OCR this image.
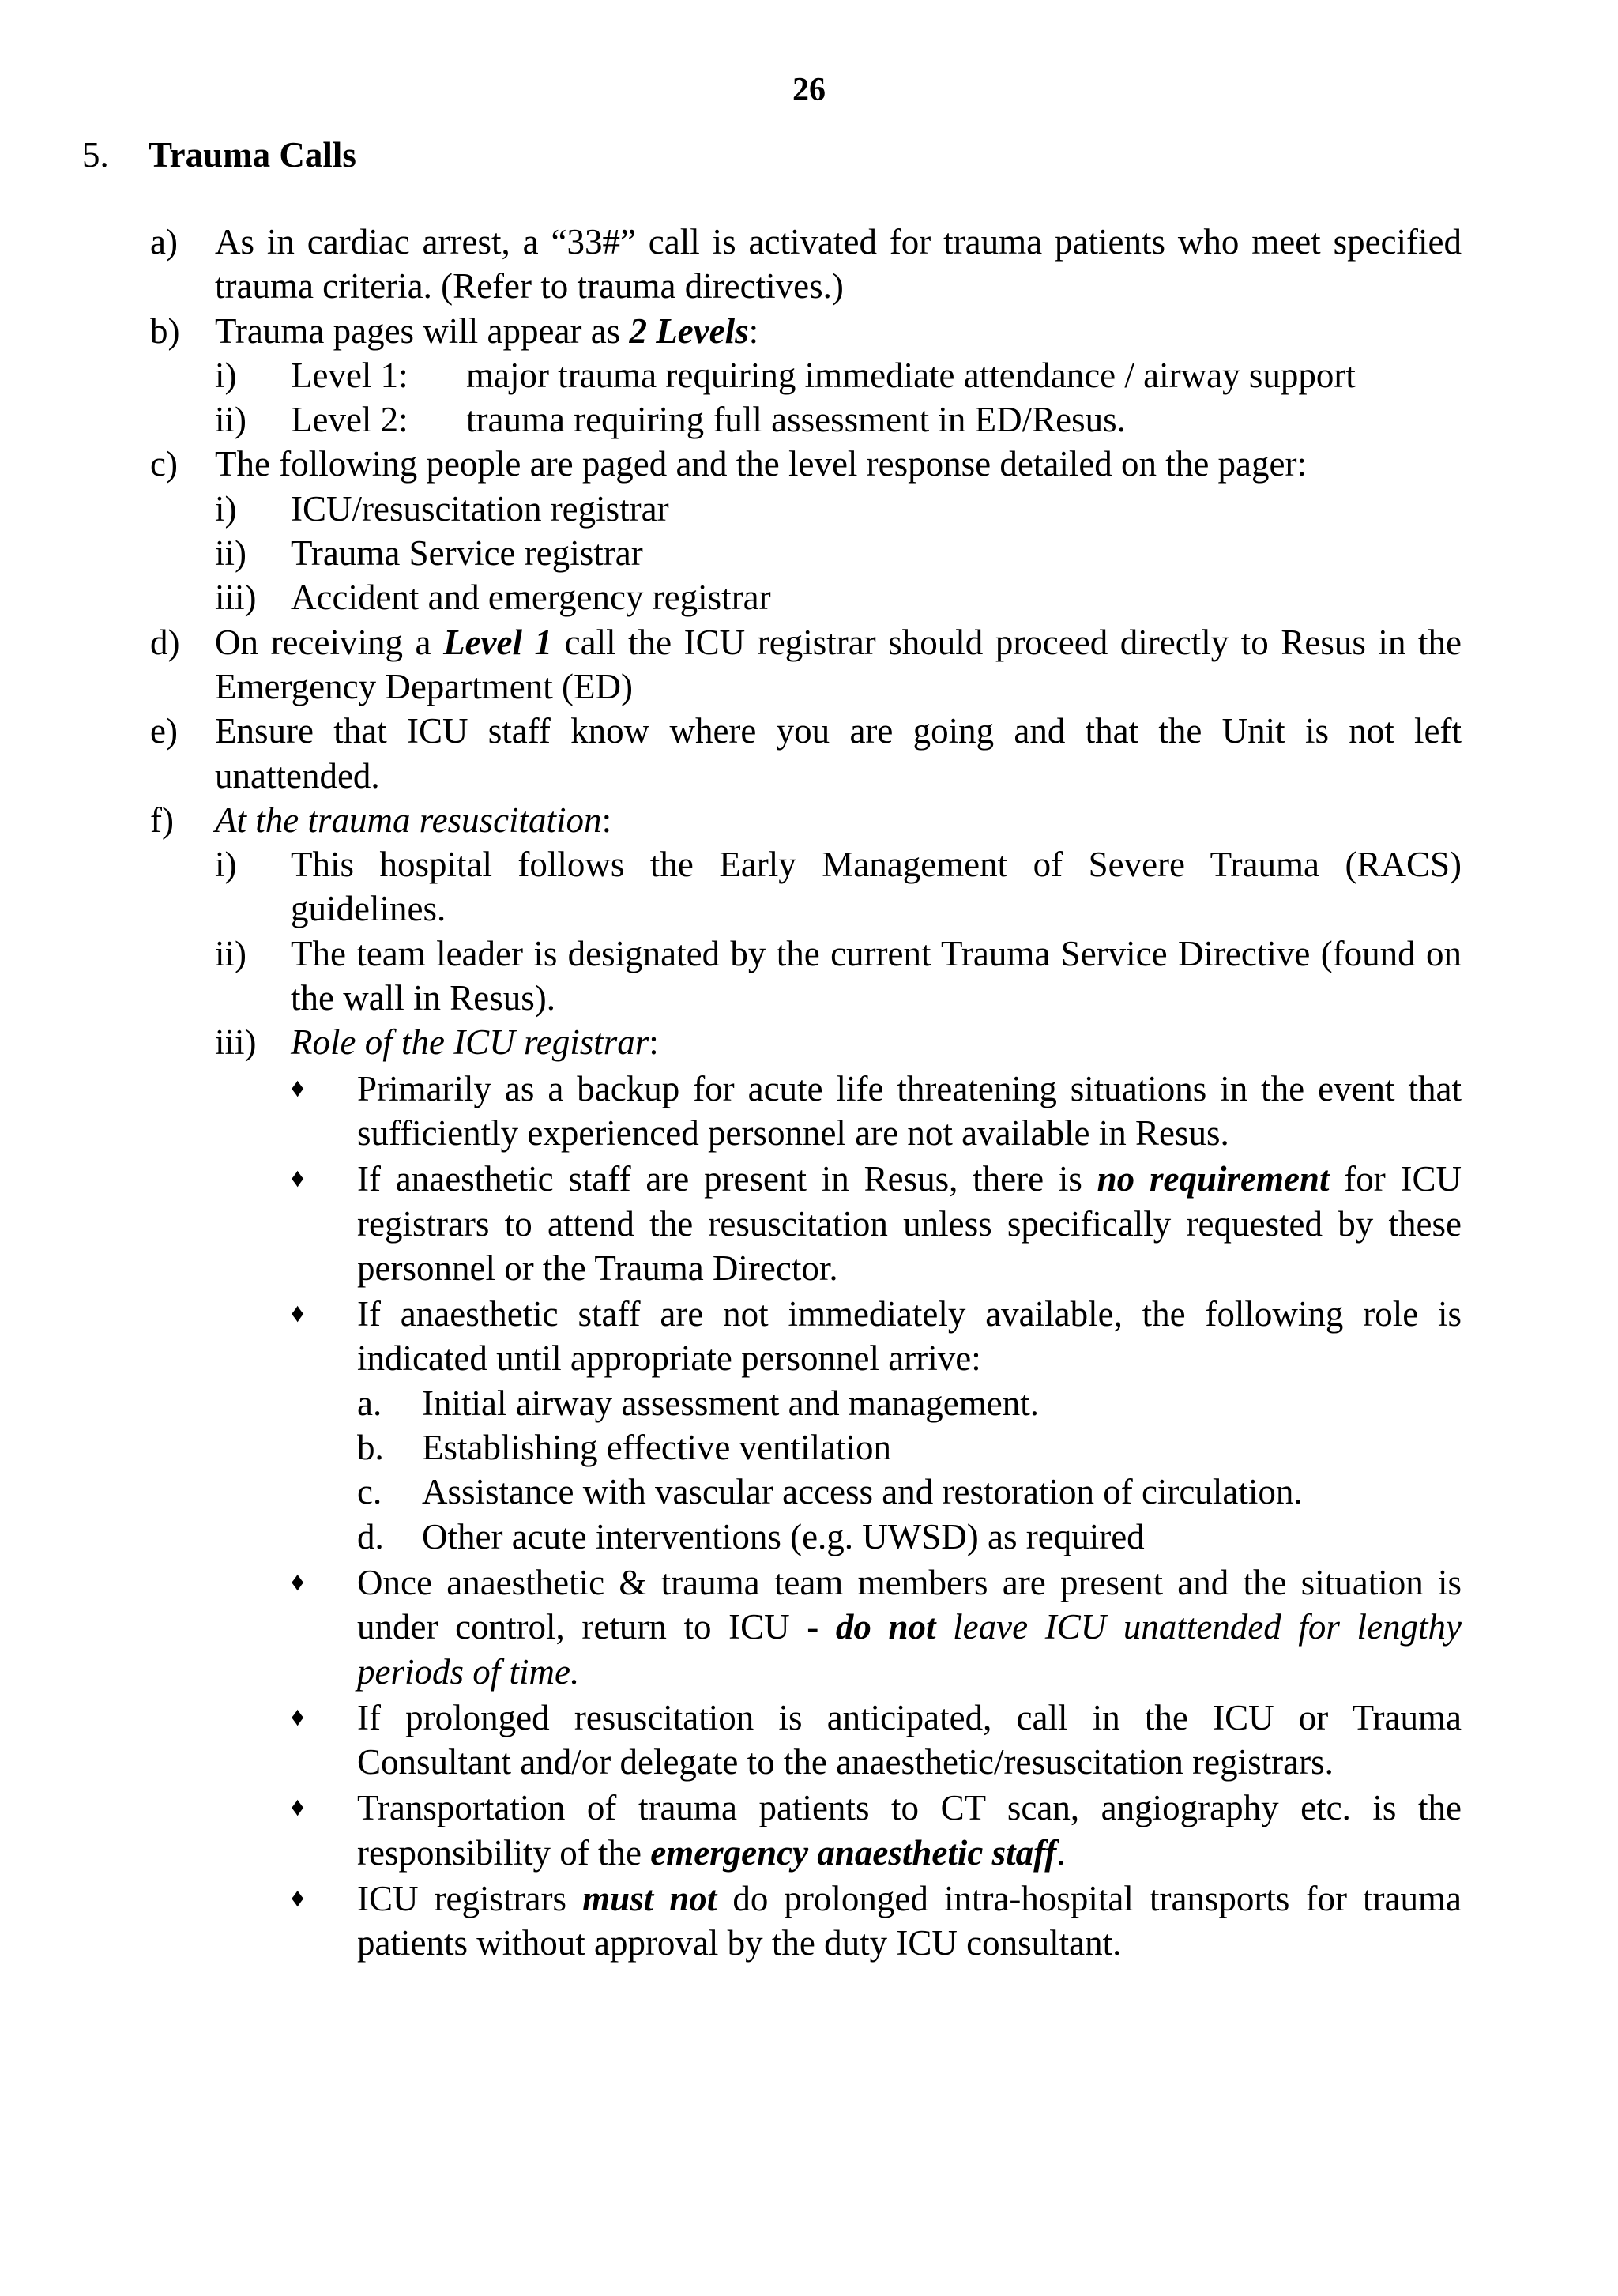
26
5. Trauma Calls
a)	As in cardiac arrest, a “33#” call is activated for trauma patients who meet specified trauma criteria. (Refer to trauma directives.)
b) Trauma pages will appear as 2 Levels:
i)	Level 1: major trauma requiring immediate attendance / airway support
ii)	Level 2: trauma requiring full assessment in ED/Resus.
c)	The following people are paged and the level response detailed on the pager:
i)	ICU/resuscitation registrar
ii)	Trauma Service registrar
iii) Accident and emergency registrar
d) On receiving a Level 1 call the ICU registrar should proceed directly to Resus in the Emergency Department (ED)
e)	Ensure that ICU staff know where you are going and that the Unit is not left unattended.
f)	At the trauma resuscitation:
i)	This hospital follows the Early Management of Severe Trauma (RACS) guidelines.
ii)	The team leader is designated by the current Trauma Service Directive (found on the wall in Resus).
iii) Role of the ICU registrar:
♦	Primarily as a backup for acute life threatening situations in the event that sufficiently experienced personnel are not available in Resus.
♦	If anaesthetic staff are present in Resus, there is no requirement for ICU registrars to attend the resuscitation unless specifically requested by these personnel or the Trauma Director.
♦	If anaesthetic staff are not immediately available, the following role is indicated until appropriate personnel arrive:
a.	Initial airway assessment and management.
b.	Establishing effective ventilation
c.	Assistance with vascular access and restoration of circulation.
d.	Other acute interventions (e.g. UWSD) as required
♦	Once anaesthetic & trauma team members are present and the situation is under control, return to ICU - do not leave ICU unattended for lengthy periods of time.
♦	If prolonged resuscitation is anticipated, call in the ICU or Trauma Consultant and/or delegate to the anaesthetic/resuscitation registrars.
♦	Transportation of trauma patients to CT scan, angiography etc. is the responsibility of the emergency anaesthetic staff.
♦	ICU registrars must not do prolonged intra-hospital transports for trauma patients without approval by the duty ICU consultant.
